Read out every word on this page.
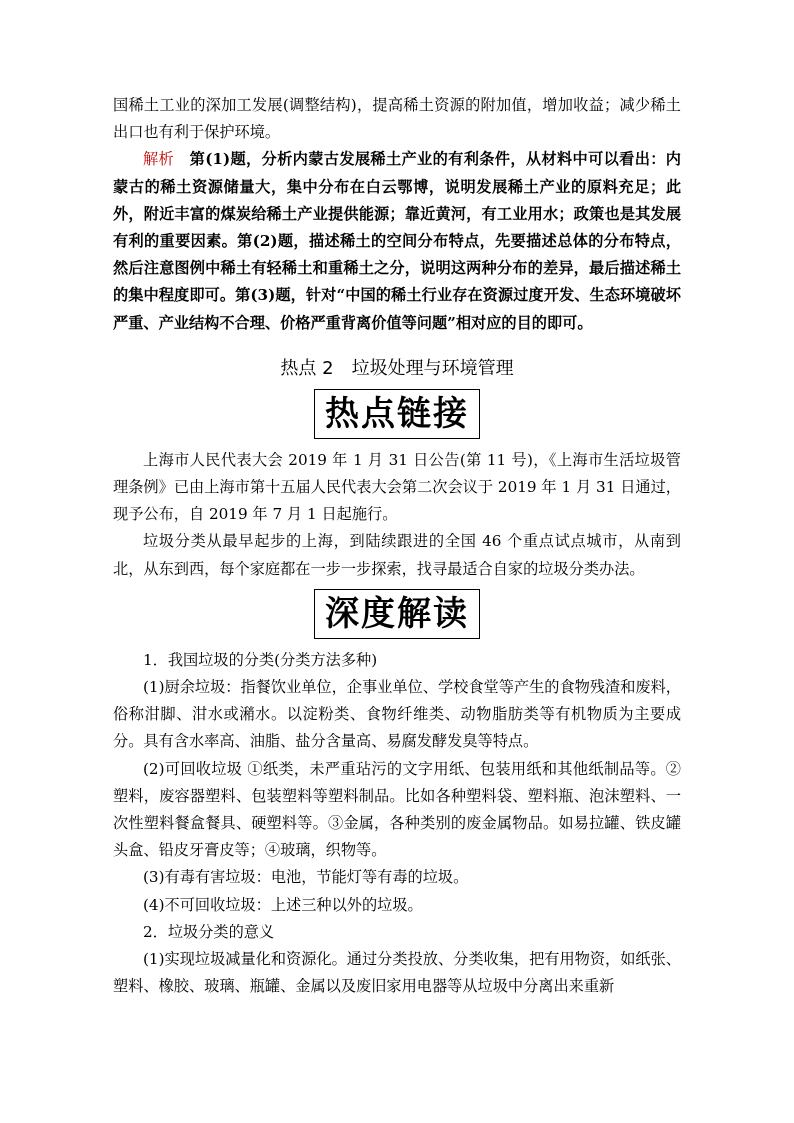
国稀土工业的深加工发展(调整结构)，提高稀土资源的附加值，增加收益；减少稀土出口也有利于保护环境。

解析　 第(1)题，分析内蒙古发展稀土产业的有利条件，从材料中可以看出：内蒙古的稀土资源储量大，集中分布在白云鄂博，说明发展稀土产业的原料充足；此外，附近丰富的煤炭给稀土产业提供能源；靠近黄河，有工业用水；政策也是其发展有利的重要因素。第(2)题，描述稀土的空间分布特点，先要描述总体的分布特点，然后注意图例中稀土有轻稀土和重稀土之分，说明这两种分布的差异，最后描述稀土的集中程度即可。第(3)题，针对“中国的稀土行业存在资源过度开发、生态环境破坏严重、产业结构不合理、价格严重背离价值等问题”相对应的目的即可。

热点 2　垃圾处理与环境管理
热点链接

上海市人民代表大会 2019 年 1 月 31 日公告(第 11 号)，《上海市生活垃圾管理条例》已由上海市第十五届人民代表大会第二次会议于 2019 年 1 月 31 日通过，现予公布，自 2019 年 7 月 1 日起施行。

垃圾分类从最早起步的上海，到陆续跟进的全国 46 个重点试点城市，从南到北，从东到西，每个家庭都在一步一步探索，找寻最适合自家的垃圾分类办法。

深度解读

1．我国垃圾的分类(分类方法多种)

(1)厨余垃圾：指餐饮业单位，企事业单位、学校食堂等产生的食物残渣和废料，俗称泔脚、泔水或潲水。以淀粉类、食物纤维类、动物脂肪类等有机物质为主要成分。具有含水率高、油脂、盐分含量高、易腐发酵发臭等特点。

(2)可回收垃圾 ①纸类，未严重玷污的文字用纸、包装用纸和其他纸制品等。②塑料，废容器塑料、包装塑料等塑料制品。比如各种塑料袋、塑料瓶、泡沫塑料、一次性塑料餐盒餐具、硬塑料等。③金属，各种类别的废金属物品。如易拉罐、铁皮罐头盒、铅皮牙膏皮等；④玻璃，织物等。

(3)有毒有害垃圾：电池，节能灯等有毒的垃圾。

(4)不可回收垃圾：上述三种以外的垃圾。

2．垃圾分类的意义

(1)实现垃圾减量化和资源化。通过分类投放、分类收集，把有用物资，如纸张、塑料、橡胶、玻璃、瓶罐、金属以及废旧家用电器等从垃圾中分离出来重新
